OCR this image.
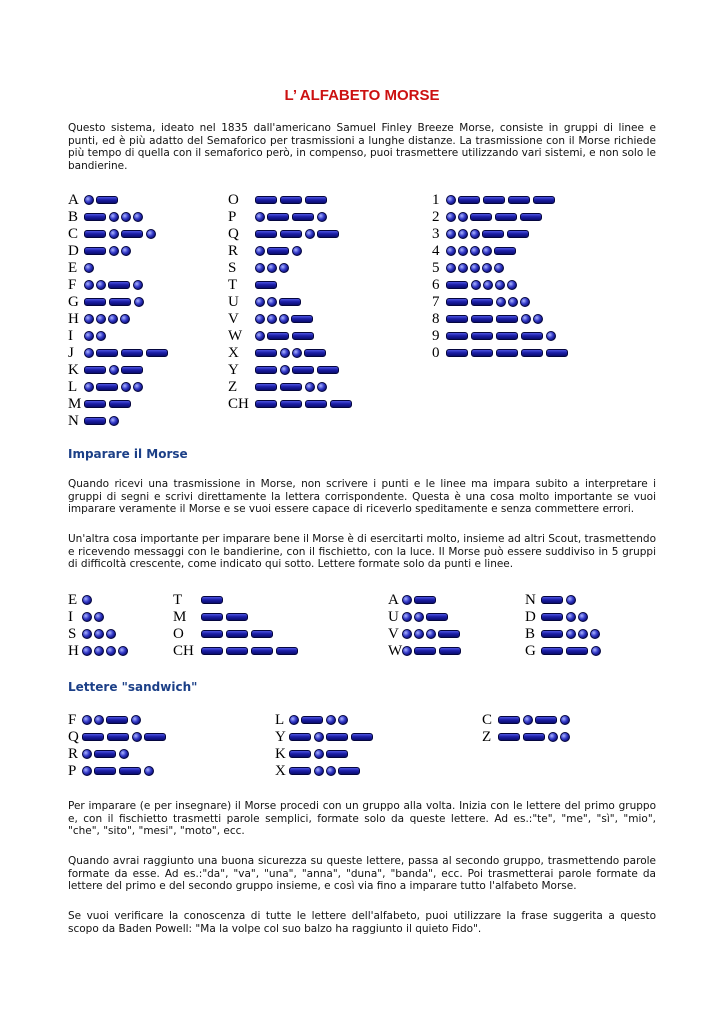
L’ ALFABETO MORSE
Questo sistema, ideato nel 1835 dall'americano Samuel Finley Breeze Morse, consiste in gruppi di linee e punti, ed è più adatto del Semaforico per trasmissioni a lunghe distanze. La trasmissione con il Morse richiede più tempo di quella con il semaforico però, in compenso, puoi trasmettere utilizzando vari sistemi, e non solo le bandierine.
A
B
C
D
E
F
G
H
I
J
K
L
M
N
O
P
Q
R
S
T
U
V
W
X
Y
Z
CH
1
2
3
4
5
6
7
8
9
0
Imparare il Morse
Quando ricevi una trasmissione in Morse, non scrivere i punti e le linee ma impara subito a interpretare i gruppi di segni e scrivi direttamente la lettera corrispondente. Questa è una cosa molto importante se vuoi imparare veramente il Morse e se vuoi essere capace di riceverlo speditamente e senza commettere errori.
Un'altra cosa importante per imparare bene il Morse è di esercitarti molto, insieme ad altri Scout, trasmettendo e ricevendo messaggi con le bandierine, con il fischietto, con la luce. Il Morse può essere suddiviso in 5 gruppi di difficoltà crescente, come indicato qui sotto. Lettere formate solo da punti e linee.
E
I
S
H
T
M
O
CH
A
U
V
W
N
D
B
G
Lettere "sandwich"
F
Q
R
P
L
Y
K
X
C
Z
Per imparare (e per insegnare) il Morse procedi con un gruppo alla volta. Inizia con le lettere del primo gruppo e, con il fischietto trasmetti parole semplici, formate solo da queste lettere. Ad es.:"te", "me", "sì", "mio", "che", "sito", "mesi", "moto", ecc.
Quando avrai raggiunto una buona sicurezza su queste lettere, passa al secondo gruppo, trasmettendo parole formate da esse. Ad es.:"da", "va", "una", "anna", "duna", "banda", ecc. Poi trasmetterai parole formate da lettere del primo e del secondo gruppo insieme, e così via fino a imparare tutto l'alfabeto Morse.
Se vuoi verificare la conoscenza di tutte le lettere dell'alfabeto, puoi utilizzare la frase suggerita a questo scopo da Baden Powell: "Ma la volpe col suo balzo ha raggiunto il quieto Fido".
